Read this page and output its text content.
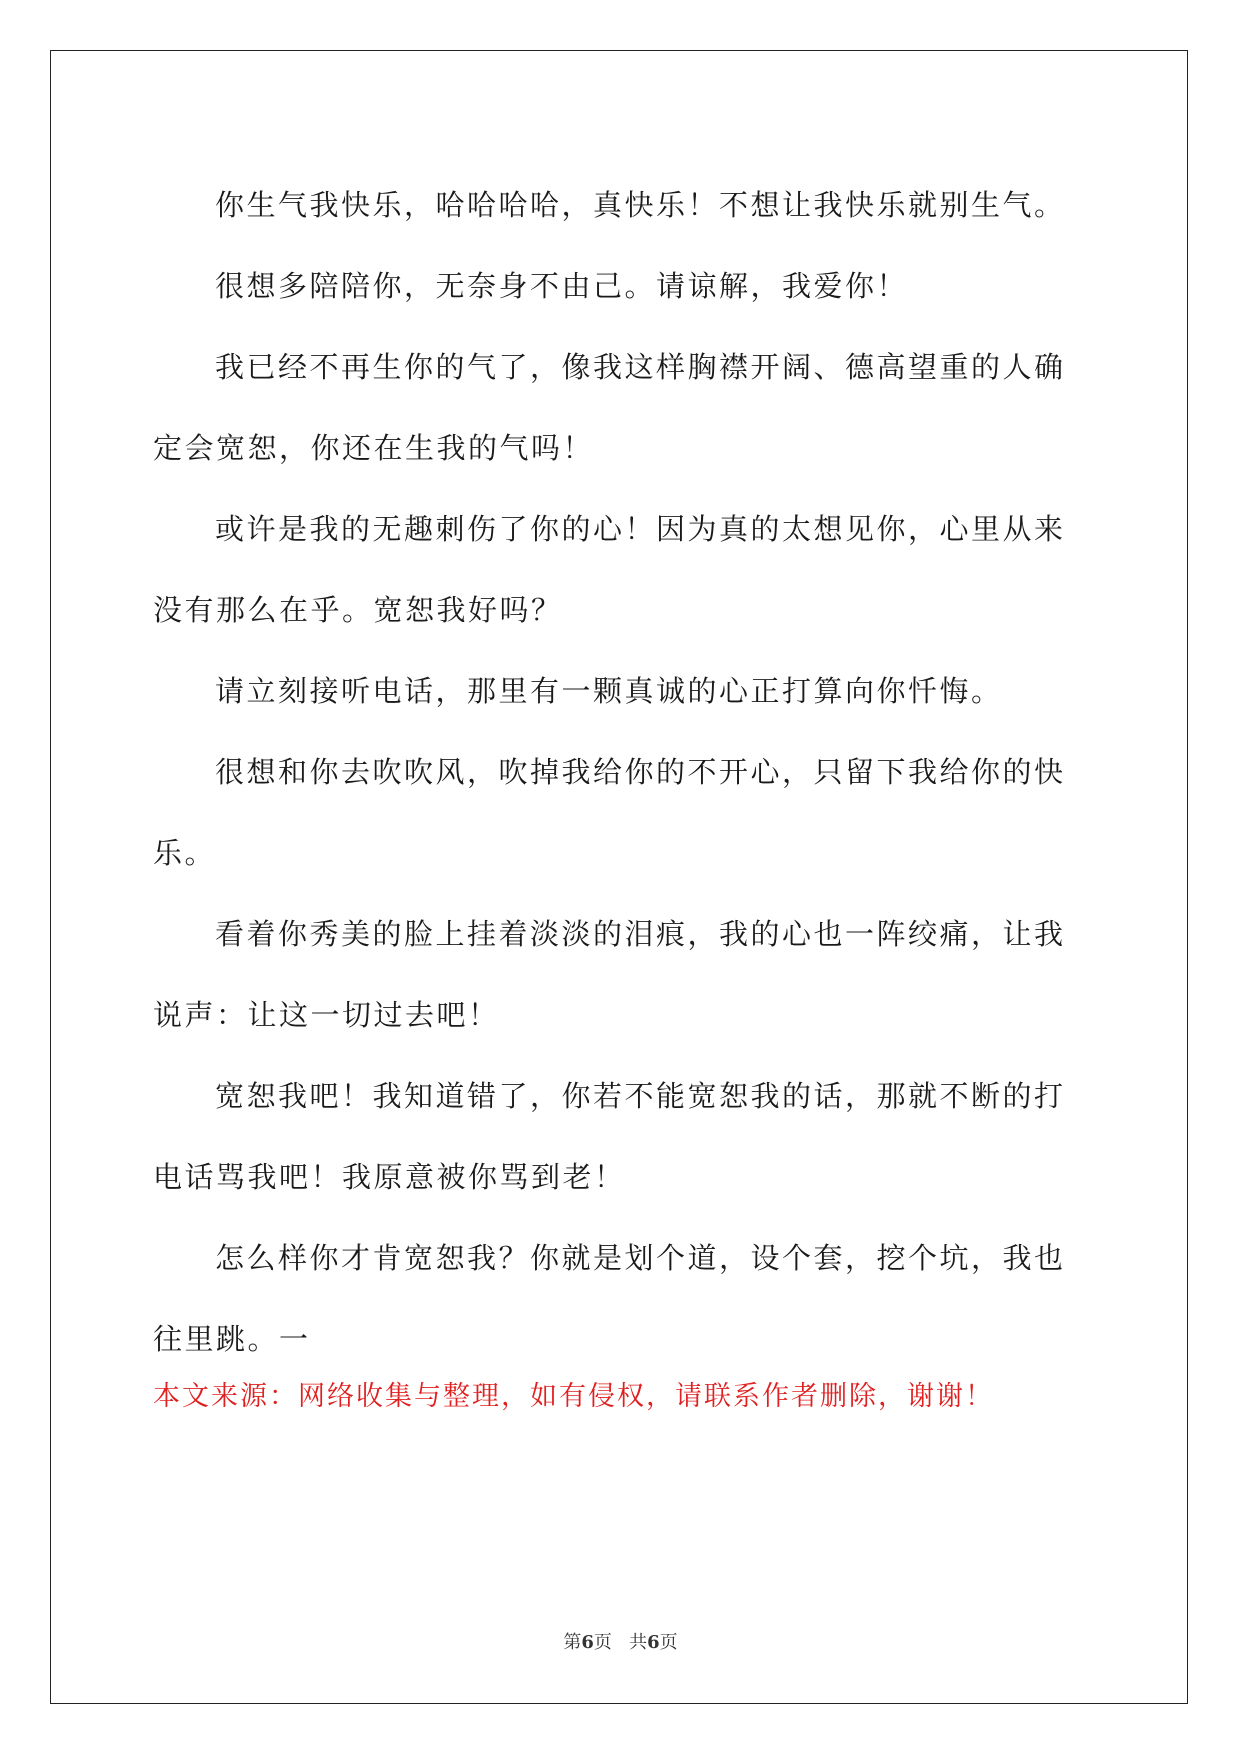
你生气我快乐，哈哈哈哈，真快乐！不想让我快乐就别生气。

很想多陪陪你，无奈身不由己。请谅解，我爱你！

我已经不再生你的气了，像我这样胸襟开阔、德高望重的人确定会宽恕，你还在生我的气吗！

或许是我的无趣刺伤了你的心！因为真的太想见你，心里从来没有那么在乎。宽恕我好吗？

请立刻接听电话，那里有一颗真诚的心正打算向你忏悔。

很想和你去吹吹风，吹掉我给你的不开心，只留下我给你的快乐。

看着你秀美的脸上挂着淡淡的泪痕，我的心也一阵绞痛，让我说声：让这一切过去吧！

宽恕我吧！我知道错了，你若不能宽恕我的话，那就不断的打电话骂我吧！我原意被你骂到老！

怎么样你才肯宽恕我？你就是划个道，设个套，挖个坑，我也往里跳。一

本文来源：网络收集与整理，如有侵权，请联系作者删除，谢谢！
第6页 共6页
